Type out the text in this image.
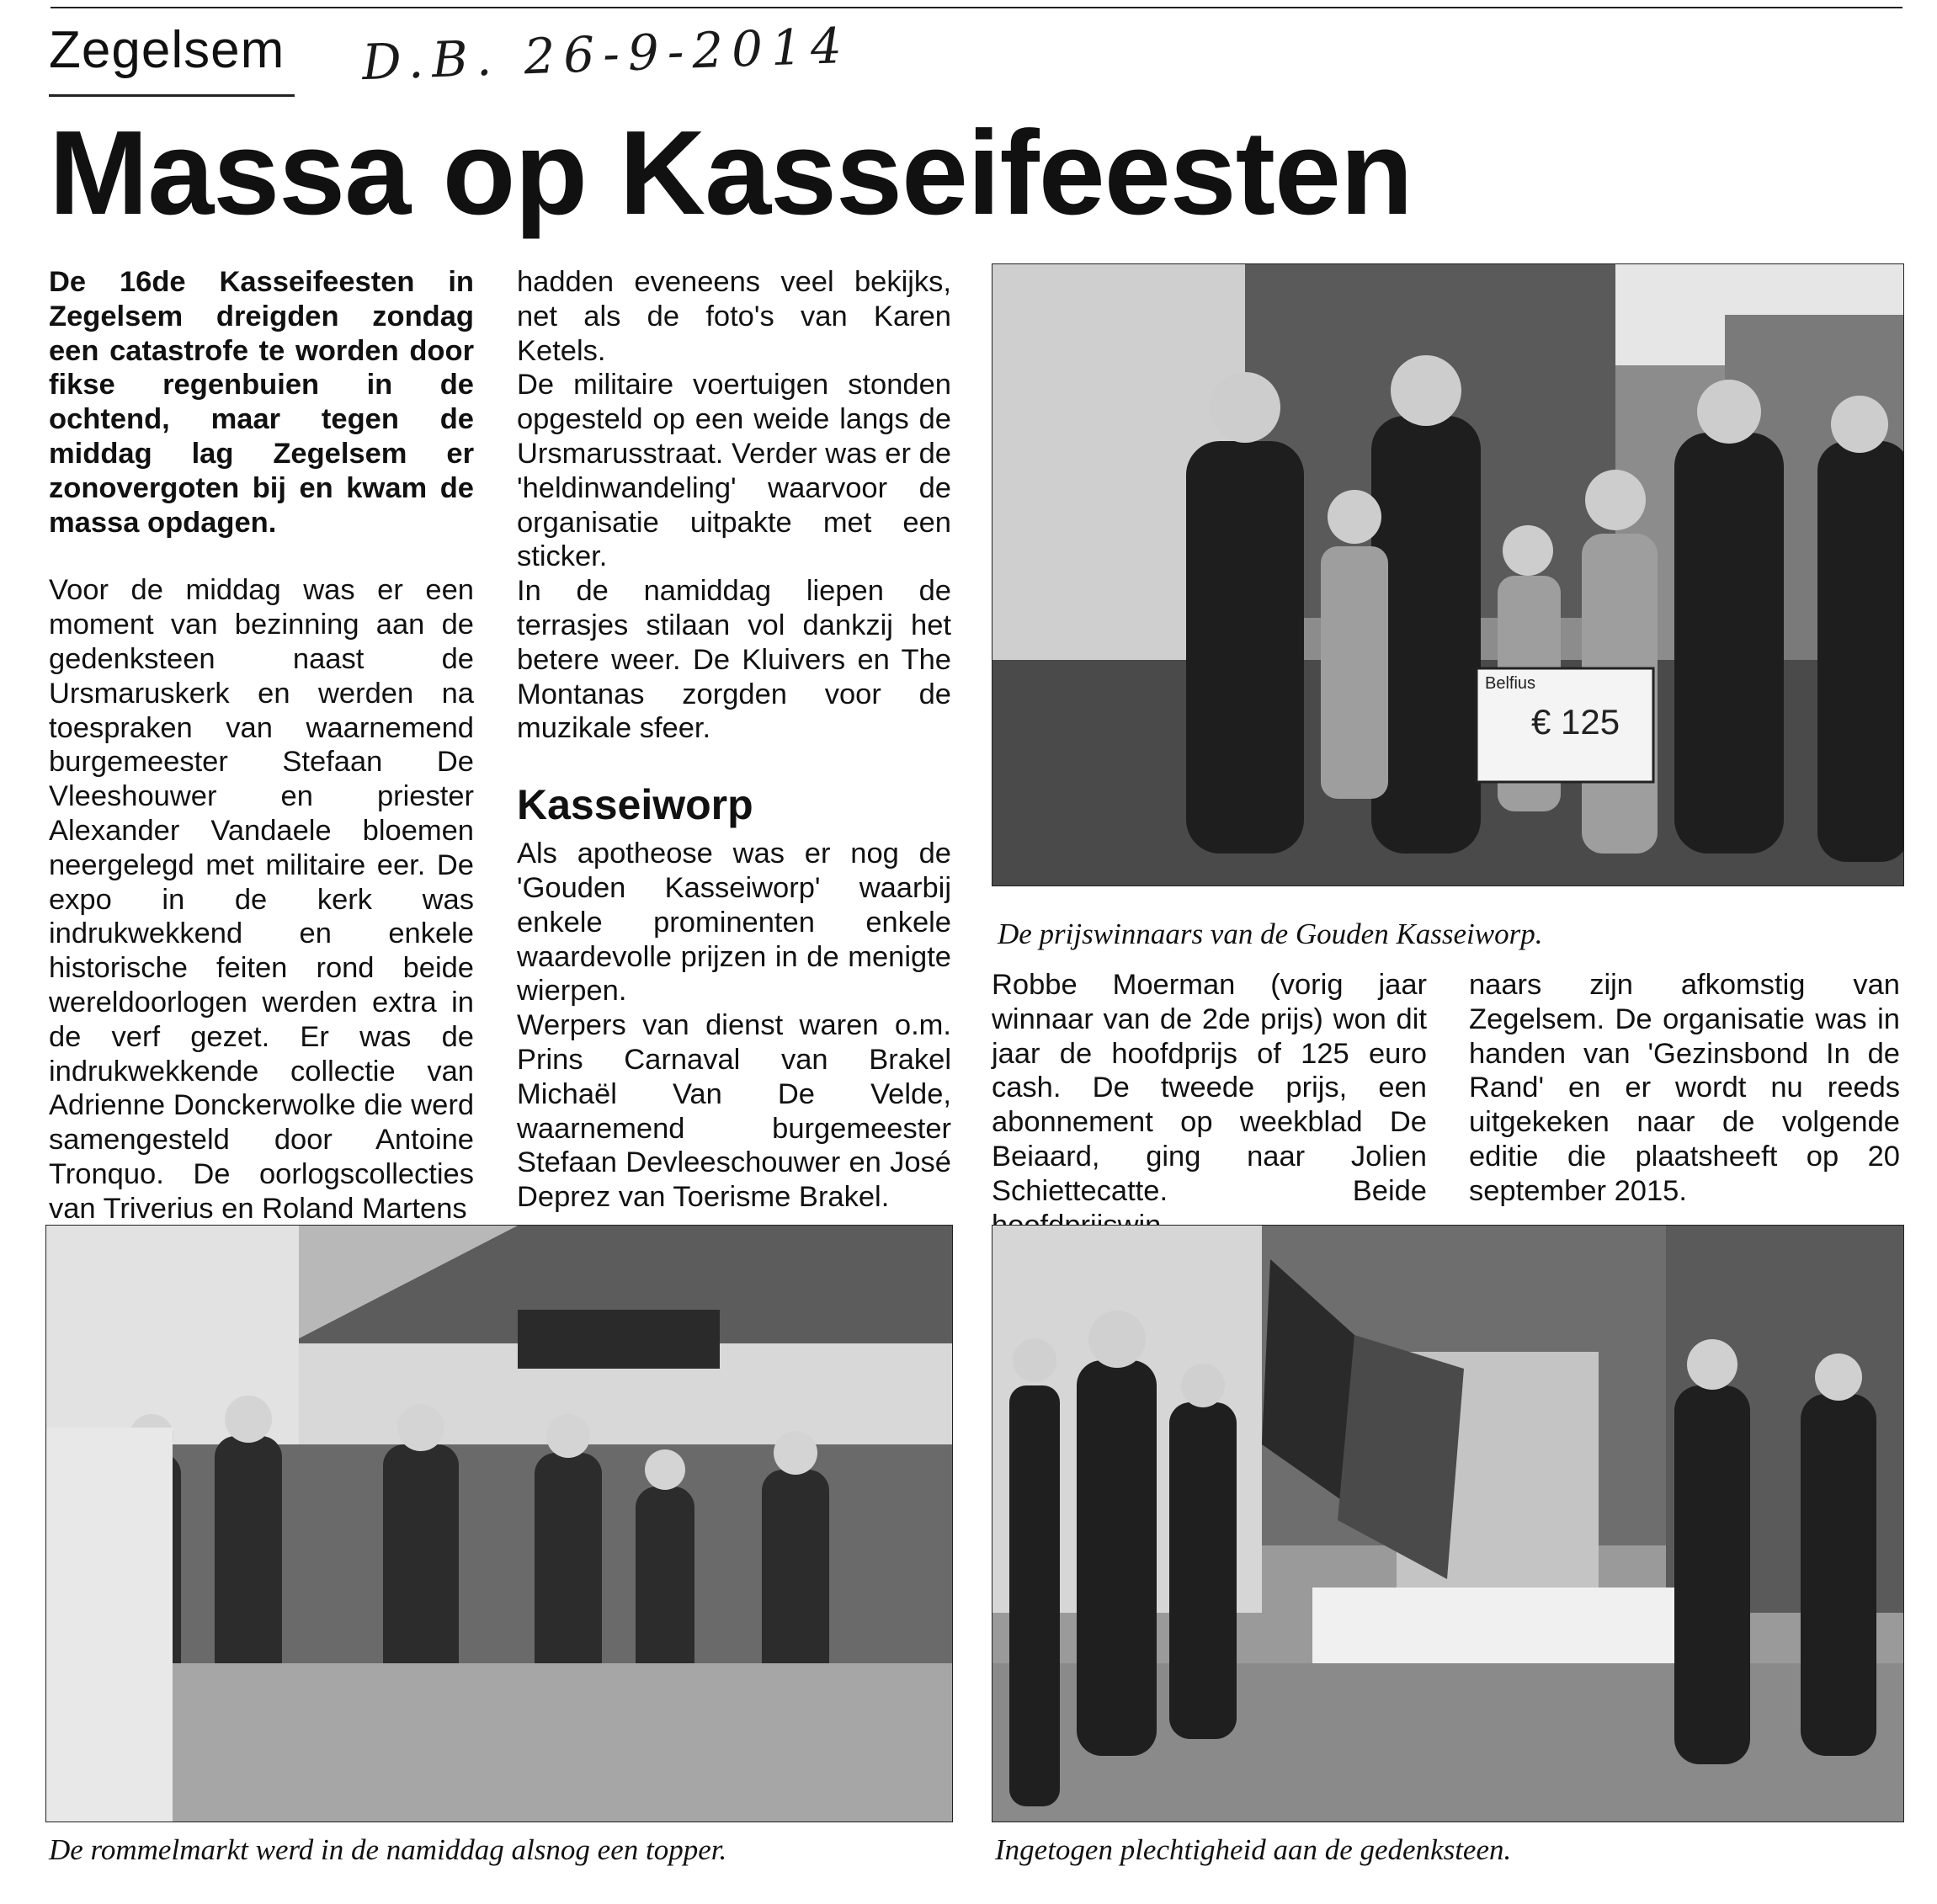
Zegelsem D.B. 26-9-2014
Massa op Kasseifeesten

De 16de Kasseifeesten in Zegelsem dreigden zondag een catastrofe te worden door fikse regenbuien in de ochtend, maar tegen de middag lag Zegelsem er zonovergoten bij en kwam de massa opdagen.

Voor de middag was er een moment van bezinning aan de gedenksteen naast de Ursmaruskerk en werden na toespraken van waarnemend burgemeester Stefaan De Vleeshouwer en priester Alexander Vandaele bloemen neergelegd met militaire eer. De expo in de kerk was indrukwekkend en enkele historische feiten rond beide wereldoorlogen werden extra in de verf gezet. Er was de indrukwekkende collectie van Adrienne Donckerwolke die werd samengesteld door Antoine Tronquo. De oorlogscollecties van Triverius en Roland Martens

hadden eveneens veel bekijks, net als de foto's van Karen Ketels.

De militaire voertuigen stonden opgesteld op een weide langs de Ursmarusstraat. Verder was er de 'heldinwandeling' waarvoor de organisatie uitpakte met een sticker.

In de namiddag liepen de terrasjes stilaan vol dankzij het betere weer. De Kluivers en The Montanas zorgden voor de muzikale sfeer.

Kasseiworp

Als apotheose was er nog de 'Gouden Kasseiworp' waarbij enkele prominenten enkele waardevolle prijzen in de menigte wierpen.

Werpers van dienst waren o.m. Prins Carnaval van Brakel Michaël Van De Velde, waarnemend burgemeester Stefaan Devleeschouwer en José Deprez van Toerisme Brakel.

Belfius
€ 125
De prijswinnaars van de Gouden Kasseiworp.

Robbe Moerman (vorig jaar winnaar van de 2de prijs) won dit jaar de hoofdprijs of 125 euro cash. De tweede prijs, een abonnement op weekblad De Beiaard, ging naar Jolien Schiettecatte. Beide

naars zijn afkomstig van Zegelsem. De organisatie was in handen van 'Gezinsbond In de Rand' en er wordt nu reeds uitgekeken naar de volgende editie die plaatsheeft op 20 september 2015.

De rommelmarkt werd in de namiddag alsnog een topper.	Ingetogen plechtigheid aan de gedenksteen.
